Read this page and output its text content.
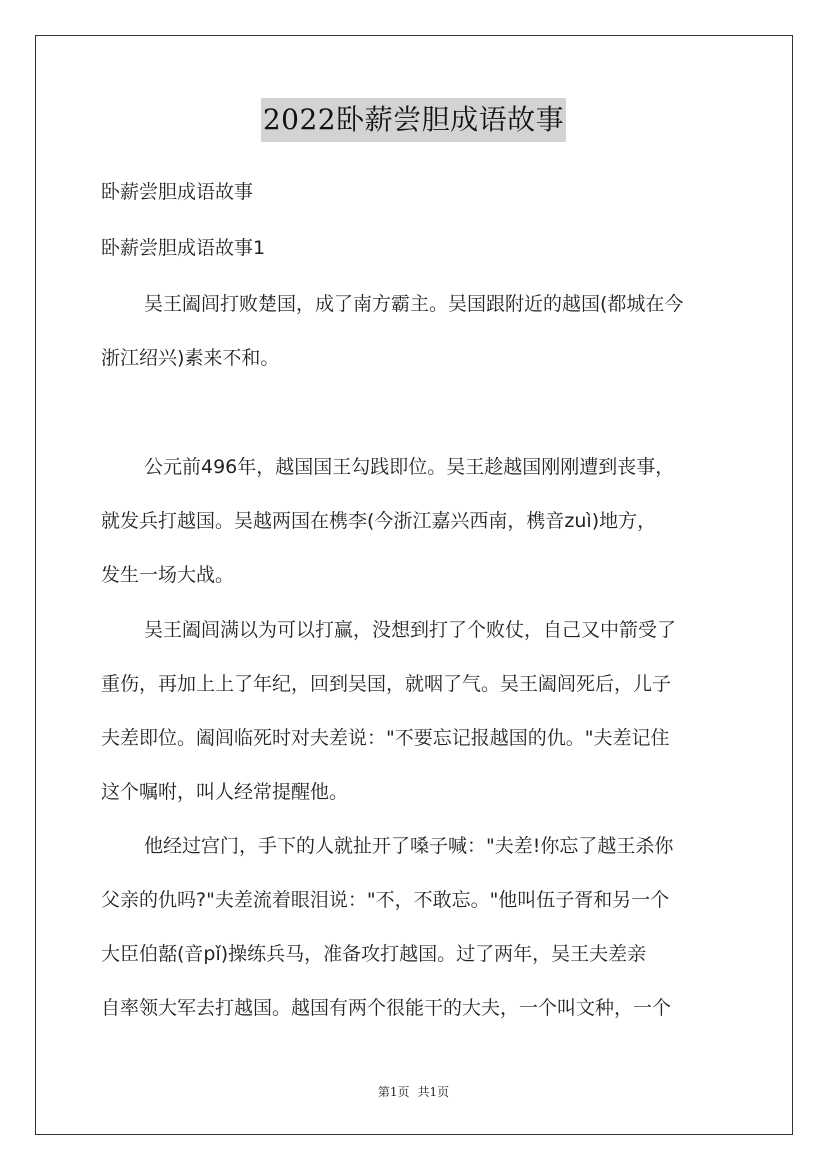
2022卧薪尝胆成语故事
卧薪尝胆成语故事
卧薪尝胆成语故事1
吴王阖闾打败楚国，成了南方霸主。吴国跟附近的越国(都城在今
浙江绍兴)素来不和。
公元前496年，越国国王勾践即位。吴王趁越国刚刚遭到丧事，
就发兵打越国。吴越两国在槜李(今浙江嘉兴西南，槜音zuì)地方，
发生一场大战。
吴王阖闾满以为可以打赢，没想到打了个败仗，自己又中箭受了
重伤，再加上上了年纪，回到吴国，就咽了气。吴王阖闾死后，儿子
夫差即位。阖闾临死时对夫差说："不要忘记报越国的仇。"夫差记住
这个嘱咐，叫人经常提醒他。
他经过宫门，手下的人就扯开了嗓子喊："夫差!你忘了越王杀你
父亲的仇吗?"夫差流着眼泪说："不，不敢忘。"他叫伍子胥和另一个
大臣伯嚭(音pǐ)操练兵马，准备攻打越国。过了两年，吴王夫差亲
自率领大军去打越国。越国有两个很能干的大夫，一个叫文种，一个
第1页 共1页
